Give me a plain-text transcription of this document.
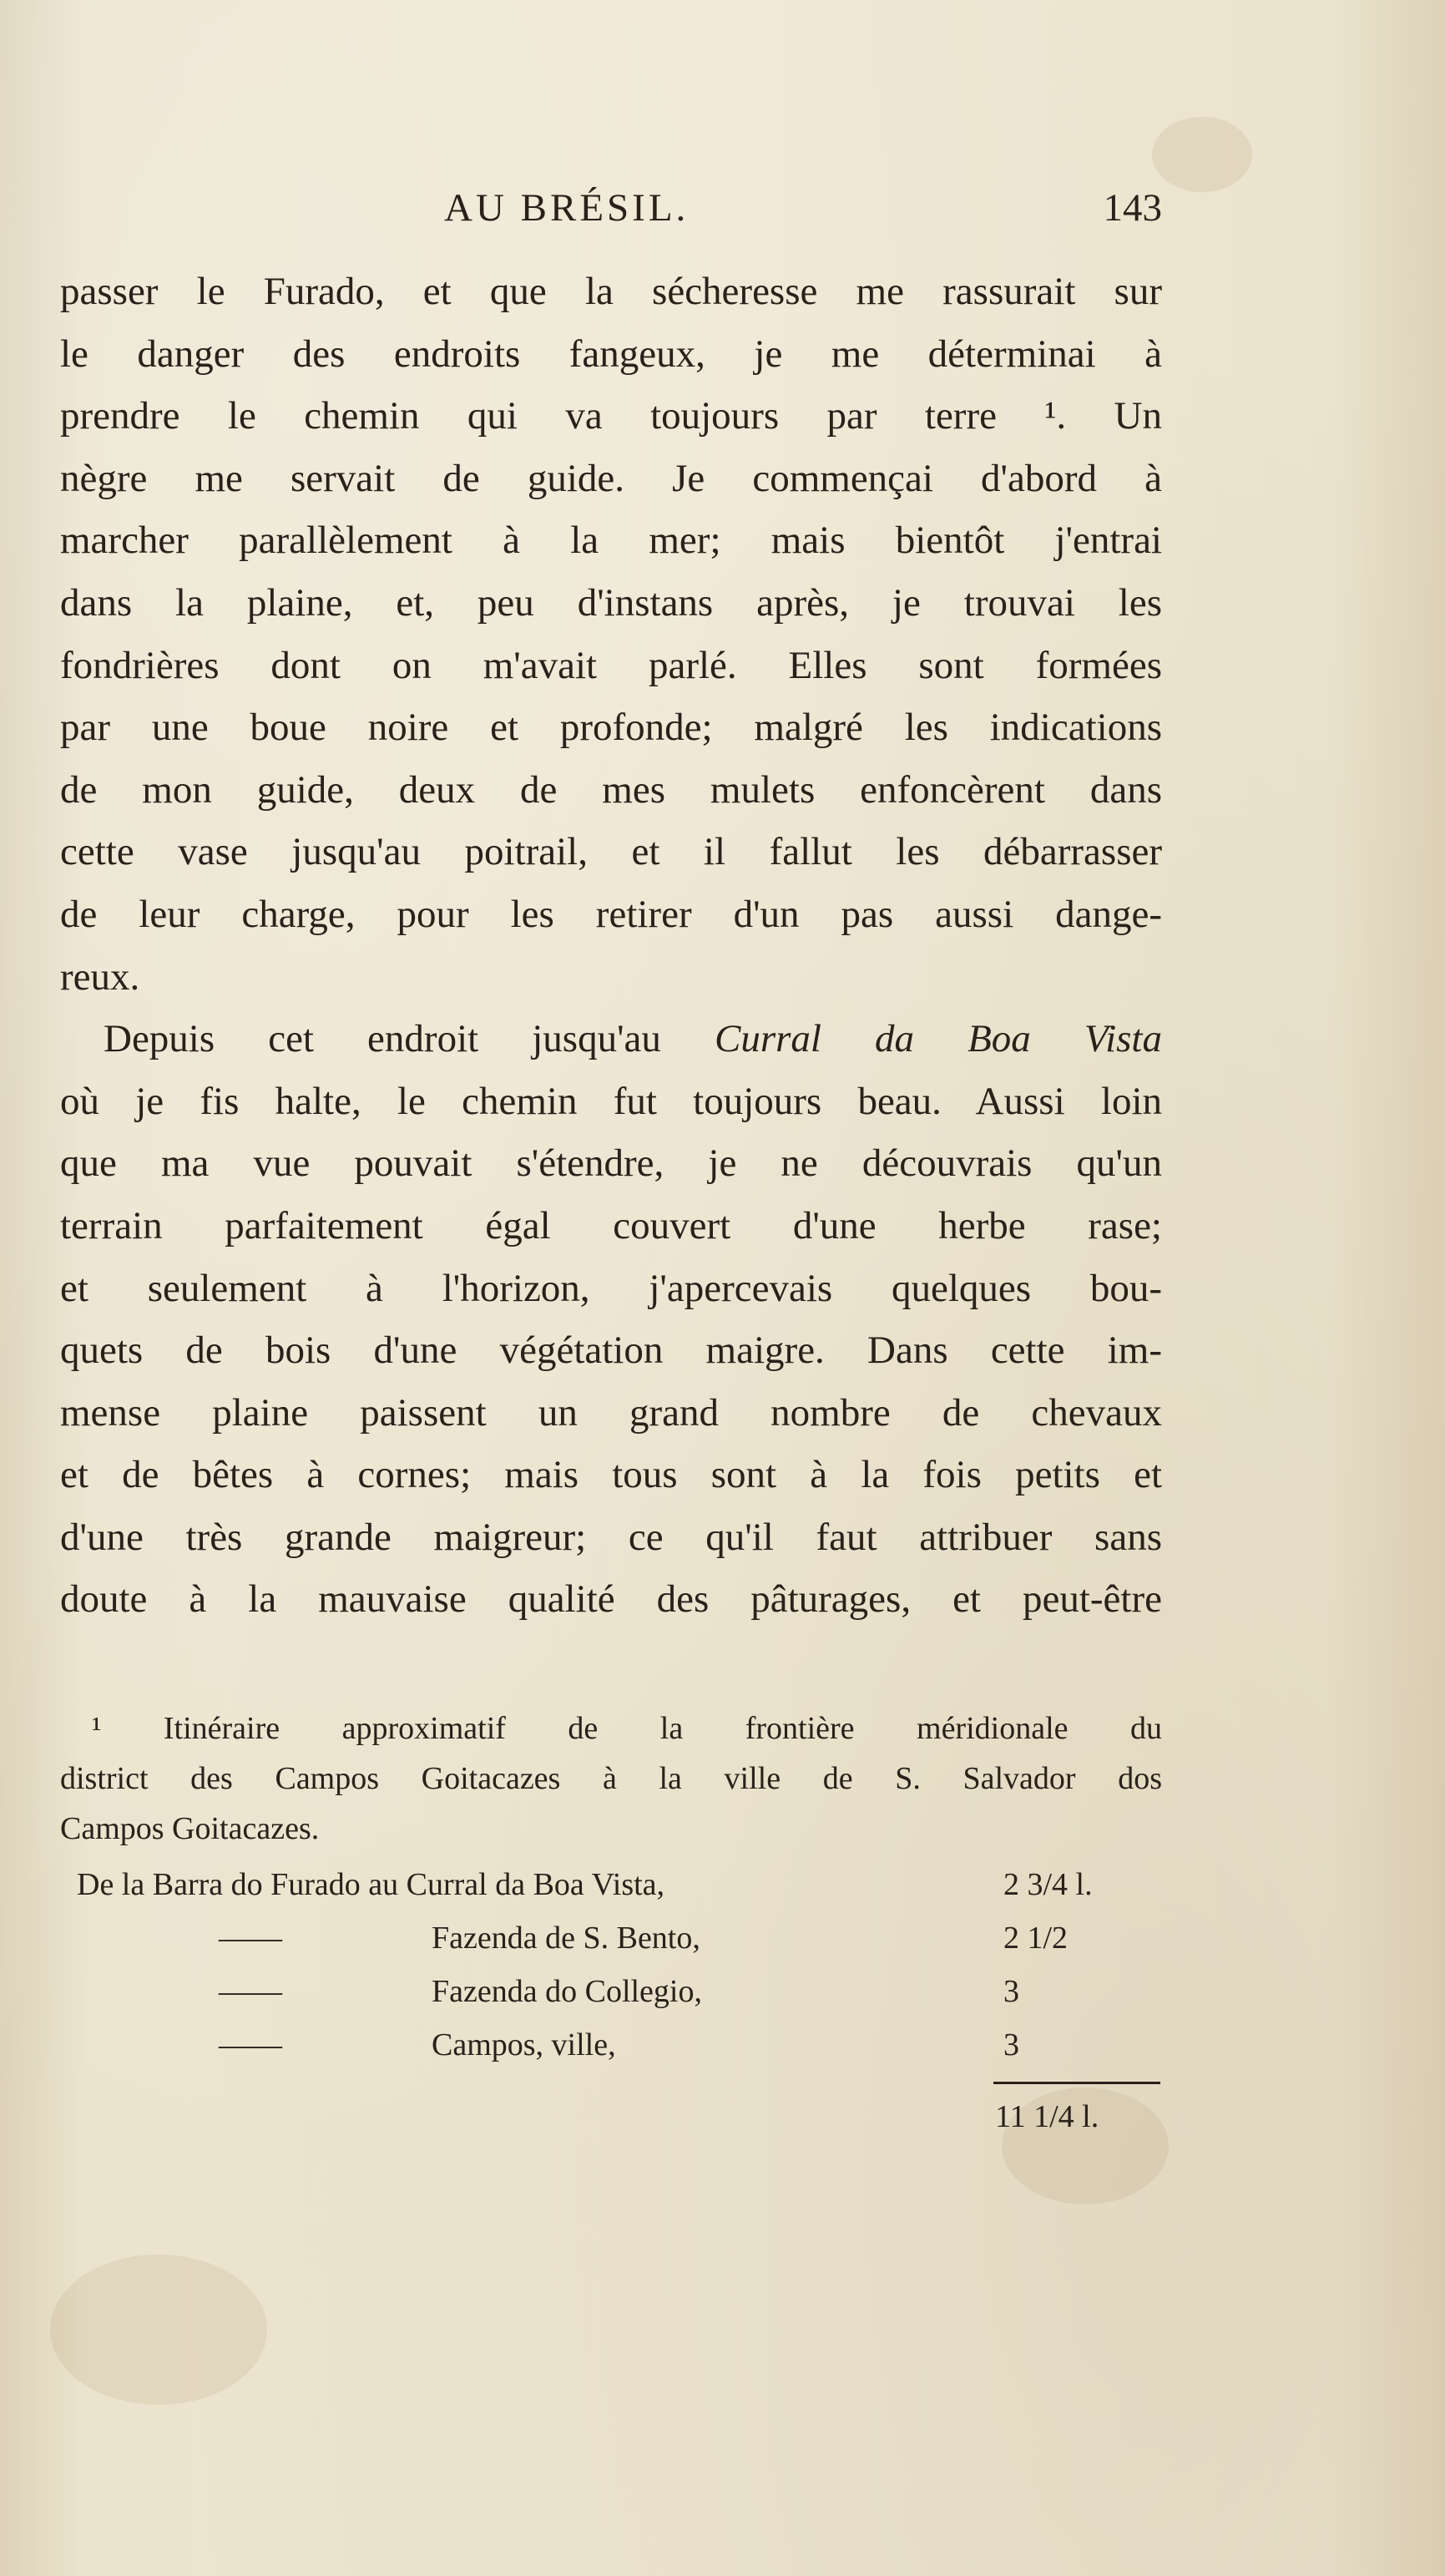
AU BRÉSIL.	143
passer le Furado, et que la sécheresse me rassurait sur
le danger des endroits fangeux, je me déterminai à
prendre le chemin qui va toujours par terre ¹. Un
nègre me servait de guide. Je commençai d'abord à
marcher parallèlement à la mer; mais bientôt j'entrai
dans la plaine, et, peu d'instans après, je trouvai les
fondrières dont on m'avait parlé. Elles sont formées
par une boue noire et profonde; malgré les indications
de mon guide, deux de mes mulets enfoncèrent dans
cette vase jusqu'au poitrail, et il fallut les débarrasser
de leur charge, pour les retirer d'un pas aussi dange-
reux.
Depuis cet endroit jusqu'au Curral da Boa Vista
où je fis halte, le chemin fut toujours beau. Aussi loin
que ma vue pouvait s'étendre, je ne découvrais qu'un
terrain parfaitement égal couvert d'une herbe rase;
et seulement à l'horizon, j'apercevais quelques bou-
quets de bois d'une végétation maigre. Dans cette im-
mense plaine paissent un grand nombre de chevaux
et de bêtes à cornes; mais tous sont à la fois petits et
d'une très grande maigreur; ce qu'il faut attribuer sans
doute à la mauvaise qualité des pâturages, et peut-être
¹ Itinéraire approximatif de la frontière méridionale du
district des Campos Goitacazes à la ville de S. Salvador dos
Campos Goitacazes.
De la Barra do Furado au Curral da Boa Vista,	2 3/4 l.
——	Fazenda de S. Bento,	2 1/2
——	Fazenda do Collegio,	3
——	Campos, ville,	3
11 1/4 l.
